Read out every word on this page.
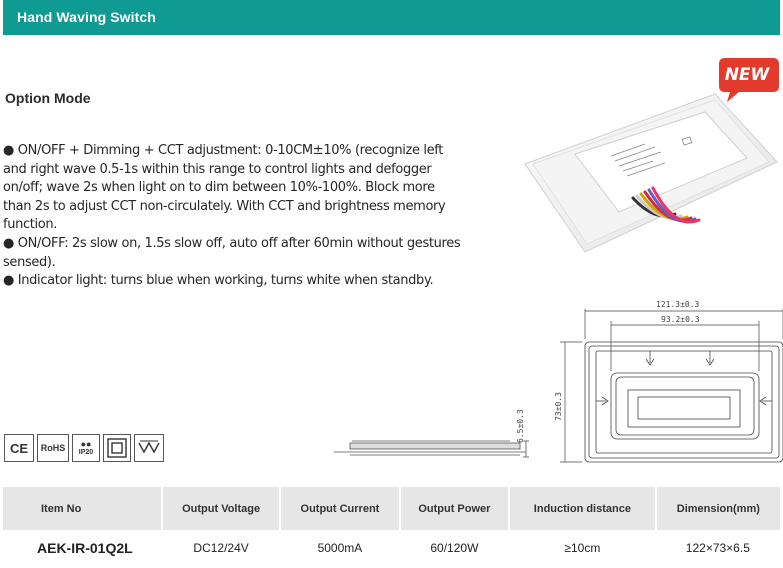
Hand Waving Switch
Option Mode

● ON/OFF + Dimming + CCT adjustment: 0-10CM±10% (recognize left and right wave 0.5-1s within this range to control lights and defogger on/off; wave 2s when light on to dim between 10%-100%. Block more than 2s to adjust CCT non-circulately. With CCT and brightness memory function.

● ON/OFF: 2s slow on, 1.5s slow off, auto off after 60min without gestures sensed).

● Indicator light: turns blue when working, turns white when standby.

NEW
6.5±0.3
121.3±0.3
93.2±0.3
73±0.3
CE	RoHS	●●
IP20
Item No	Output Voltage	Output Current	Output Power	Induction distance	Dimension(mm)
AEK-IR-01Q2L	DC12/24V	5000mA	60/120W	≥10cm	122×73×6.5
